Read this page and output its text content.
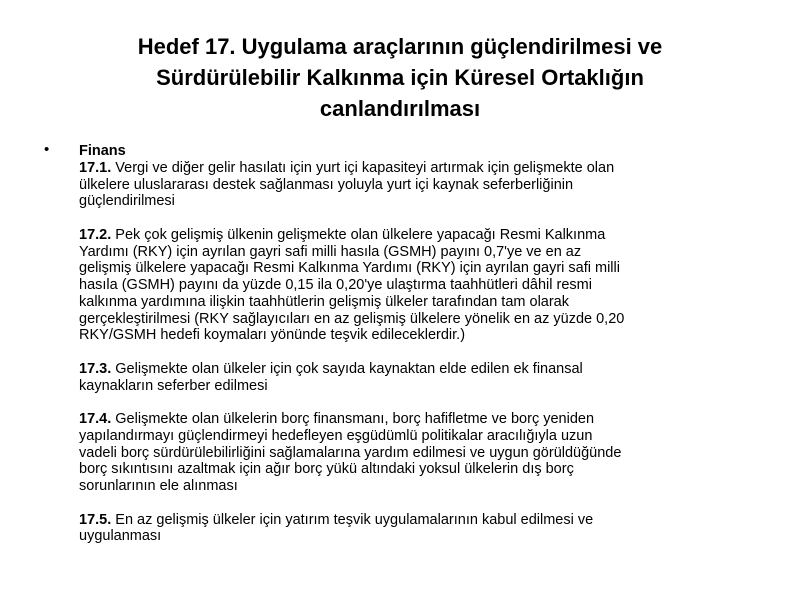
Hedef 17. Uygulama araçlarının güçlendirilmesi ve
Sürdürülebilir Kalkınma için Küresel Ortaklığın
canlandırılması
• Finans
17.1. Vergi ve diğer gelir hasılatı için yurt içi kapasiteyi artırmak için gelişmekte olan
ülkelere uluslararası destek sağlanması yoluyla yurt içi kaynak seferberliğinin
güçlendirilmesi
17.2. Pek çok gelişmiş ülkenin gelişmekte olan ülkelere yapacağı Resmi Kalkınma
Yardımı (RKY) için ayrılan gayri safi milli hasıla (GSMH) payını 0,7'ye ve en az
gelişmiş ülkelere yapacağı Resmi Kalkınma Yardımı (RKY) için ayrılan gayri safi milli
hasıla (GSMH) payını da yüzde 0,15 ila 0,20'ye ulaştırma taahhütleri dâhil resmi
kalkınma yardımına ilişkin taahhütlerin gelişmiş ülkeler tarafından tam olarak
gerçekleştirilmesi (RKY sağlayıcıları en az gelişmiş ülkelere yönelik en az yüzde 0,20
RKY/GSMH hedefi koymaları yönünde teşvik edileceklerdir.)
17.3. Gelişmekte olan ülkeler için çok sayıda kaynaktan elde edilen ek finansal
kaynakların seferber edilmesi
17.4. Gelişmekte olan ülkelerin borç finansmanı, borç hafifletme ve borç yeniden
yapılandırmayı güçlendirmeyi hedefleyen eşgüdümlü politikalar aracılığıyla uzun
vadeli borç sürdürülebilirliğini sağlamalarına yardım edilmesi ve uygun görüldüğünde
borç sıkıntısını azaltmak için ağır borç yükü altındaki yoksul ülkelerin dış borç
sorunlarının ele alınması
17.5. En az gelişmiş ülkeler için yatırım teşvik uygulamalarının kabul edilmesi ve
uygulanması
